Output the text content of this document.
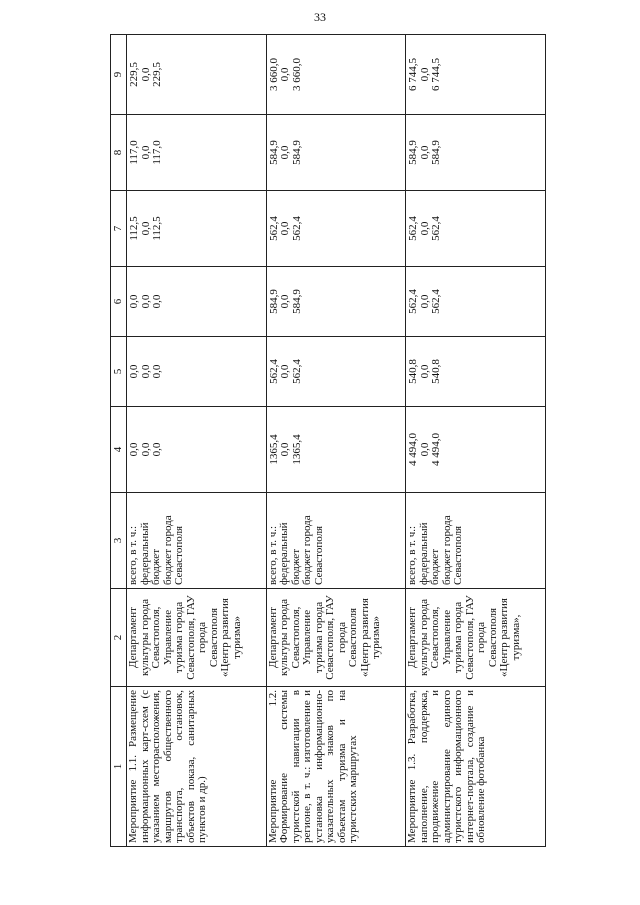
33
1	2	3	4	5	6	7	8	9
Мероприятие 1.1. Размещение информационных карт-схем (с указанием месторасположения, маршрутов общественного транспорта, остановок, объектов показа, санитарных пунктов и др.)	Департамент культуры города Севастополя, Управление туризма города Севастополя, ГАУ города Севастополя «Центр развития туризма»	всего, в т. ч.: федеральный бюджет бюджет города Севастополя	0,0 0,0 0,0	0,0 0,0 0,0	0,0 0,0 0,0	112,5 0,0 112,5	117,0 0,0 117,0	229,5 0,0 229,5

Мероприятие 1.2. Формирование системы туристской навигации в регионе, в т. ч.: изготовление и установка информационно-указательных знаков по объектам туризма и на туристских маршрутах	Департамент культуры города Севастополя, Управление туризма города Севастополя, ГАУ города Севастополя «Центр развития туризма»	всего, в т. ч.: федеральный бюджет бюджет города Севастополя	1365,4 0,0 1365,4	562,4 0,0 562,4	584,9 0,0 584,9	562,4 0,0 562,4	584,9 0,0 584,9	3 660,0 0,0 3 660,0

Мероприятие 1.3. Разработка, наполнение, поддержка, продвижение и администрирование единого туристского информационного интернет-портала, создание и обновление фотобанка	Департамент культуры города Севастополя, Управление туризма города Севастополя, ГАУ города Севастополя «Центр развития туризма»,	всего, в т. ч.: федеральный бюджет бюджет города Севастополя	4 494,0 0,0 4 494,0	540,8 0,0 540,8	562,4 0,0 562,4	562,4 0,0 562,4	584,9 0,0 584,9	6 744,5 0,0 6 744,5
